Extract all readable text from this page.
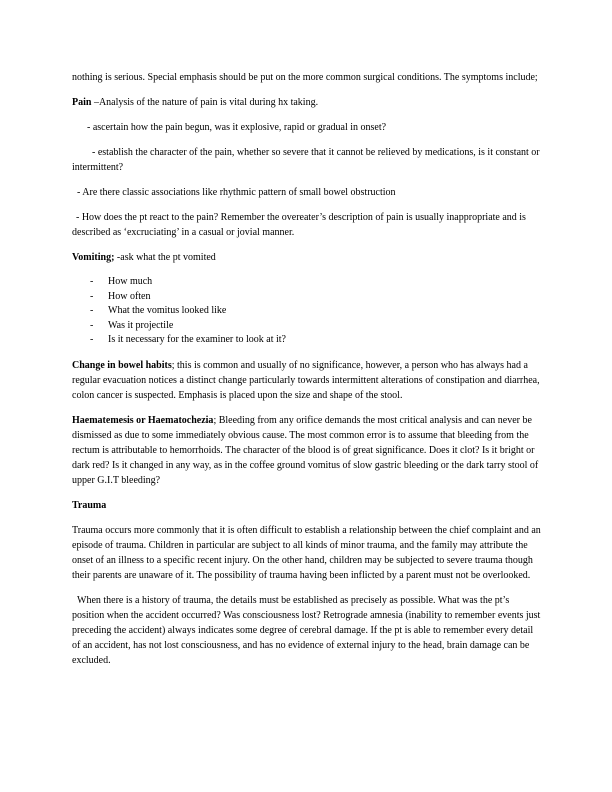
nothing is serious. Special emphasis should be put on the more common surgical conditions. The symptoms include;

Pain –Analysis of the nature of pain is vital during hx taking.

- ascertain how the pain begun, was it explosive, rapid or gradual in onset?

- establish the character of the pain, whether so severe that it cannot be relieved by medications, is it constant or intermittent?

- Are there classic associations like rhythmic pattern of small bowel obstruction

- How does the pt react to the pain? Remember the overeater’s description of pain is usually inappropriate and is described as ‘excruciating’ in a casual or jovial manner.

Vomiting; -ask what the pt vomited

- How much
- How often
- What the vomitus looked like
- Was it projectile
- Is it necessary for the examiner to look at it?

Change in bowel habits; this is common and usually of no significance, however, a person who has always had a regular evacuation notices a distinct change particularly towards intermittent alterations of constipation and diarrhea, colon cancer is suspected. Emphasis is placed upon the size and shape of the stool.

Haematemesis or Haematochezia; Bleeding from any orifice demands the most critical analysis and can never be dismissed as due to some immediately obvious cause. The most common error is to assume that bleeding from the rectum is attributable to hemorrhoids. The character of the blood is of great significance. Does it clot? Is it bright or dark red? Is it changed in any way, as in the coffee ground vomitus of slow gastric bleeding or the dark tarry stool of upper G.I.T bleeding?

Trauma

Trauma occurs more commonly that it is often difficult to establish a relationship between the chief complaint and an episode of trauma. Children in particular are subject to all kinds of minor trauma, and the family may attribute the onset of an illness to a specific recent injury. On the other hand, children may be subjected to severe trauma though their parents are unaware of it. The possibility of trauma having been inflicted by a parent must not be overlooked.

When there is a history of trauma, the details must be established as precisely as possible. What was the pt’s position when the accident occurred? Was consciousness lost? Retrograde amnesia (inability to remember events just preceding the accident) always indicates some degree of cerebral damage. If the pt is able to remember every detail of an accident, has not lost consciousness, and has no evidence of external injury to the head, brain damage can be excluded.
